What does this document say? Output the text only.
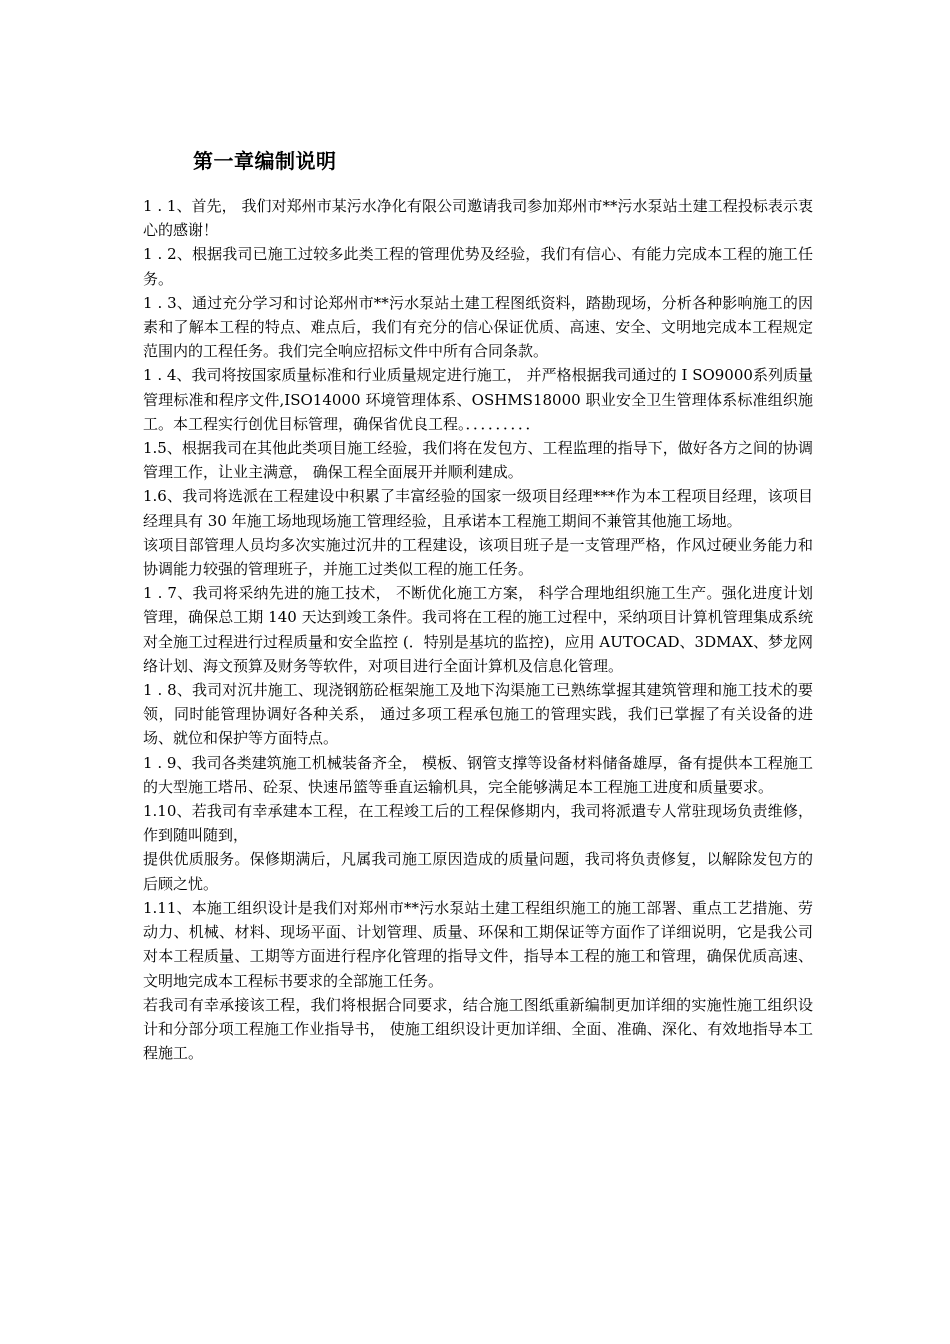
第一章编制说明

1 . 1、首先， 我们对郑州市某污水净化有限公司邀请我司参加郑州市**污水泵站土建工程投标表示衷心的感谢！

1 . 2、根据我司已施工过较多此类工程的管理优势及经验，我们有信心、有能力完成本工程的施工任务。

1 . 3、通过充分学习和讨论郑州市**污水泵站土建工程图纸资料，踏勘现场，分析各种影响施工的因素和了解本工程的特点、难点后，我们有充分的信心保证优质、高速、安全、文明地完成本工程规定范围内的工程任务。我们完全响应招标文件中所有合同条款。

1 . 4、我司将按国家质量标准和行业质量规定进行施工， 并严格根据我司通过的 I SO9000系列质量管理标准和程序文件,ISO14000 环境管理体系、OSHMS18000 职业安全卫生管理体系标准组织施工。本工程实行创优目标管理，确保省优良工程。．．．．．．．．．

1.5、根据我司在其他此类项目施工经验，我们将在发包方、工程监理的指导下，做好各方之间的协调管理工作，让业主满意， 确保工程全面展开并顺利建成。

1.6、我司将选派在工程建设中积累了丰富经验的国家一级项目经理***作为本工程项目经理，该项目经理具有 30 年施工场地现场施工管理经验，且承诺本工程施工期间不兼管其他施工场地。

该项目部管理人员均多次实施过沉井的工程建设，该项目班子是一支管理严格，作风过硬业务能力和协调能力较强的管理班子，并施工过类似工程的施工任务。

1 . 7、我司将采纳先进的施工技术， 不断优化施工方案， 科学合理地组织施工生产。强化进度计划管理，确保总工期 140 天达到竣工条件。我司将在工程的施工过程中，采纳项目计算机管理集成系统对全施工过程进行过程质量和安全监控 (．特别是基坑的监控)，应用 AUTOCAD、3DMAX、梦龙网络计划、海文预算及财务等软件，对项目进行全面计算机及信息化管理。

1 . 8、我司对沉井施工、现浇钢筋砼框架施工及地下沟渠施工已熟练掌握其建筑管理和施工技术的要领，同时能管理协调好各种关系， 通过多项工程承包施工的管理实践，我们已掌握了有关设备的进场、就位和保护等方面特点。

1 . 9、我司各类建筑施工机械装备齐全， 模板、钢管支撑等设备材料储备雄厚，备有提供本工程施工的大型施工塔吊、砼泵、快速吊篮等垂直运输机具，完全能够满足本工程施工进度和质量要求。

1.10、若我司有幸承建本工程，在工程竣工后的工程保修期内，我司将派遣专人常驻现场负责维修，作到随叫随到，

提供优质服务。保修期满后，凡属我司施工原因造成的质量问题，我司将负责修复，以解除发包方的后顾之忧。

1.11、本施工组织设计是我们对郑州市**污水泵站土建工程组织施工的施工部署、重点工艺措施、劳动力、机械、材料、现场平面、计划管理、质量、环保和工期保证等方面作了详细说明，它是我公司对本工程质量、工期等方面进行程序化管理的指导文件，指导本工程的施工和管理，确保优质高速、文明地完成本工程标书要求的全部施工任务。

若我司有幸承接该工程，我们将根据合同要求，结合施工图纸重新编制更加详细的实施性施工组织设计和分部分项工程施工作业指导书， 使施工组织设计更加详细、全面、准确、深化、有效地指导本工程施工。
